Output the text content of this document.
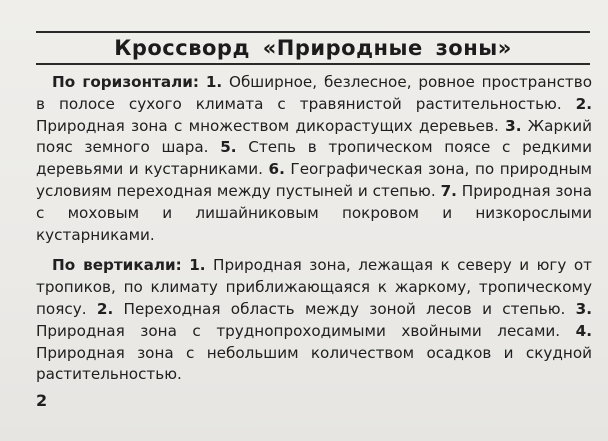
Кроссворд «Природные зоны»

По горизонтали: 1. Обширное, безлесное, ровное пространство в полосе сухого климата с травянистой растительностью. 2. Природная зона с множеством дикорастущих деревьев. 3. Жаркий пояс земного шара. 5. Степь в тропическом поясе с редкими деревьями и кустарниками. 6. Географическая зона, по природным условиям переходная между пустыней и степью. 7. Природная зона с моховым и лишайниковым покровом и низкорослыми кустарниками.

По вертикали: 1. Природная зона, лежащая к северу и югу от тропиков, по климату приближающаяся к жаркому, тропическому поясу. 2. Переходная область между зоной лесов и степью. 3. Природная зона с труднопроходимыми хвойными лесами. 4. Природная зона с небольшим количеством осадков и скудной растительностью.

2
